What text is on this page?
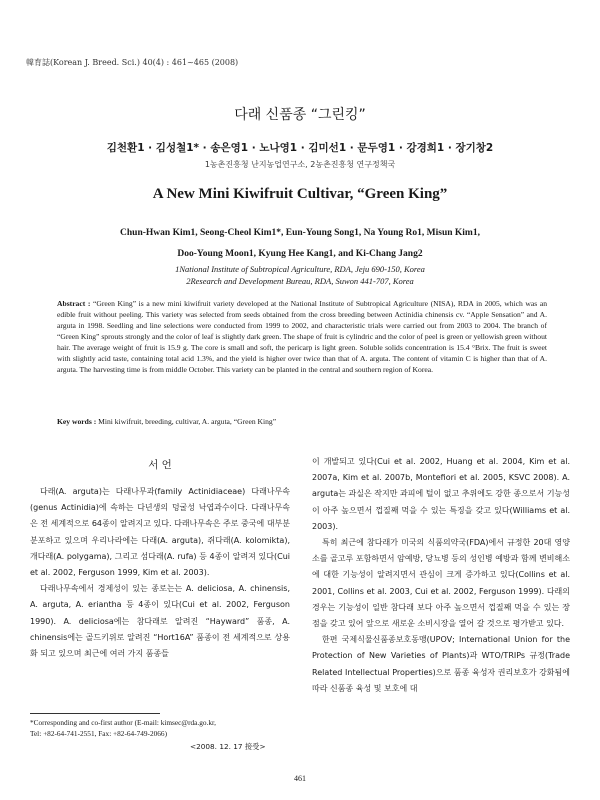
韓育誌(Korean J. Breed. Sci.) 40(4) : 461~465 (2008)
다래 신품종 “그린킹”
김천환1 · 김성철1* · 송은영1 · 노나영1 · 김미선1 · 문두영1 · 강경희1 · 장기창2
1농촌진흥청 난지농업연구소, 2농촌진흥청 연구정책국
A New Mini Kiwifruit Cultivar, “Green King”
Chun-Hwan Kim1, Seong-Cheol Kim1*, Eun-Young Song1, Na Young Ro1, Misun Kim1,
Doo-Young Moon1, Kyung Hee Kang1, and Ki-Chang Jang2
1National Institute of Subtropical Agriculture, RDA, Jeju 690-150, Korea
2Research and Development Bureau, RDA, Suwon 441-707, Korea
Abstract : “Green King” is a new mini kiwifruit variety developed at the National Institute of Subtropical Agriculture (NISA), RDA in 2005, which was an edible fruit without peeling. This variety was selected from seeds obtained from the cross breeding between Actinidia chinensis cv. “Apple Sensation” and A. arguta in 1998. Seedling and line selections were conducted from 1999 to 2002, and characteristic trials were carried out from 2003 to 2004. The branch of “Green King” sprouts strongly and the color of leaf is slightly dark green. The shape of fruit is cylindric and the color of peel is green or yellowish green without hair. The average weight of fruit is 15.9 g. The core is small and soft, the pericarp is light green. Soluble solids concentration is 15.4 °Brix. The fruit is sweet with slightly acid taste, containing total acid 1.3%, and the yield is higher over twice than that of A. arguta. The content of vitamin C is higher than that of A. arguta. The harvesting time is from middle October. This variety can be planted in the central and southern region of Korea.
Key words : Mini kiwifruit, breeding, cultivar, A. arguta, “Green King”
서 언

다래(A. arguta)는 다래나무과(family Actinidiaceae) 다래나무속(genus Actinidia)에 속하는 다년생의 덩굴성 낙엽과수이다. 다래나무속은 전 세계적으로 64종이 알려지고 있다. 다래나무속은 주로 중국에 대부분 분포하고 있으며 우리나라에는 다래(A. arguta), 쥐다래(A. kolomikta), 개다래(A. polygama), 그리고 섬다래(A. rufa) 등 4종이 알려져 있다(Cui et al. 2002, Ferguson 1999, Kim et al. 2003).

다래나무속에서 경제성이 있는 종로는는 A. deliciosa, A. chinensis, A. arguta, A. eriantha 등 4종이 있다(Cui et al. 2002, Ferguson 1990). A. deliciosa에는 참다래로 알려진 “Hayward” 품종, A. chinensis에는 골드키위로 알려진 “Hort16A” 품종이 전 세계적으로 상용화 되고 있으며 최근에 여러 가지 품종들

이 개발되고 있다(Cui et al. 2002, Huang et al. 2004, Kim et al. 2007a, Kim et al. 2007b, Montefiori et al. 2005, KSVC 2008). A. arguta는 과실은 작지만 과피에 털이 없고 추위에도 강한 종으로서 기능성이 아주 높으면서 껍질째 먹을 수 있는 특징을 갖고 있다(Williams et al. 2003).

특히 최근에 참다래가 미국의 식품의약국(FDA)에서 규정한 20대 영양소를 골고루 포함하면서 암예방, 당뇨병 등의 성인병 예방과 함께 변비해소에 대한 기능성이 알려지면서 관심이 크게 증가하고 있다(Collins et al. 2001, Collins et al. 2003, Cui et al. 2002, Ferguson 1999). 다래의 경우는 기능성이 일반 참다래 보다 아주 높으면서 껍질째 먹을 수 있는 장점을 갖고 있어 앞으로 새로운 소비시장을 열어 갈 것으로 평가받고 있다.

한편 국제식물신품종보호동맹(UPOV; International Union for the Protection of New Varieties of Plants)과 WTO/TRIPs 규정(Trade Related Intellectual Properties)으로 품종 육성자 권리보호가 강화됨에 따라 신품종 육성 및 보호에 대

*Corresponding and co-first author (E-mail: kimsec@rda.go.kr,
Tel: +82-64-741-2551, Fax: +82-64-749-2066)
<2008. 12. 17 接受>
461
